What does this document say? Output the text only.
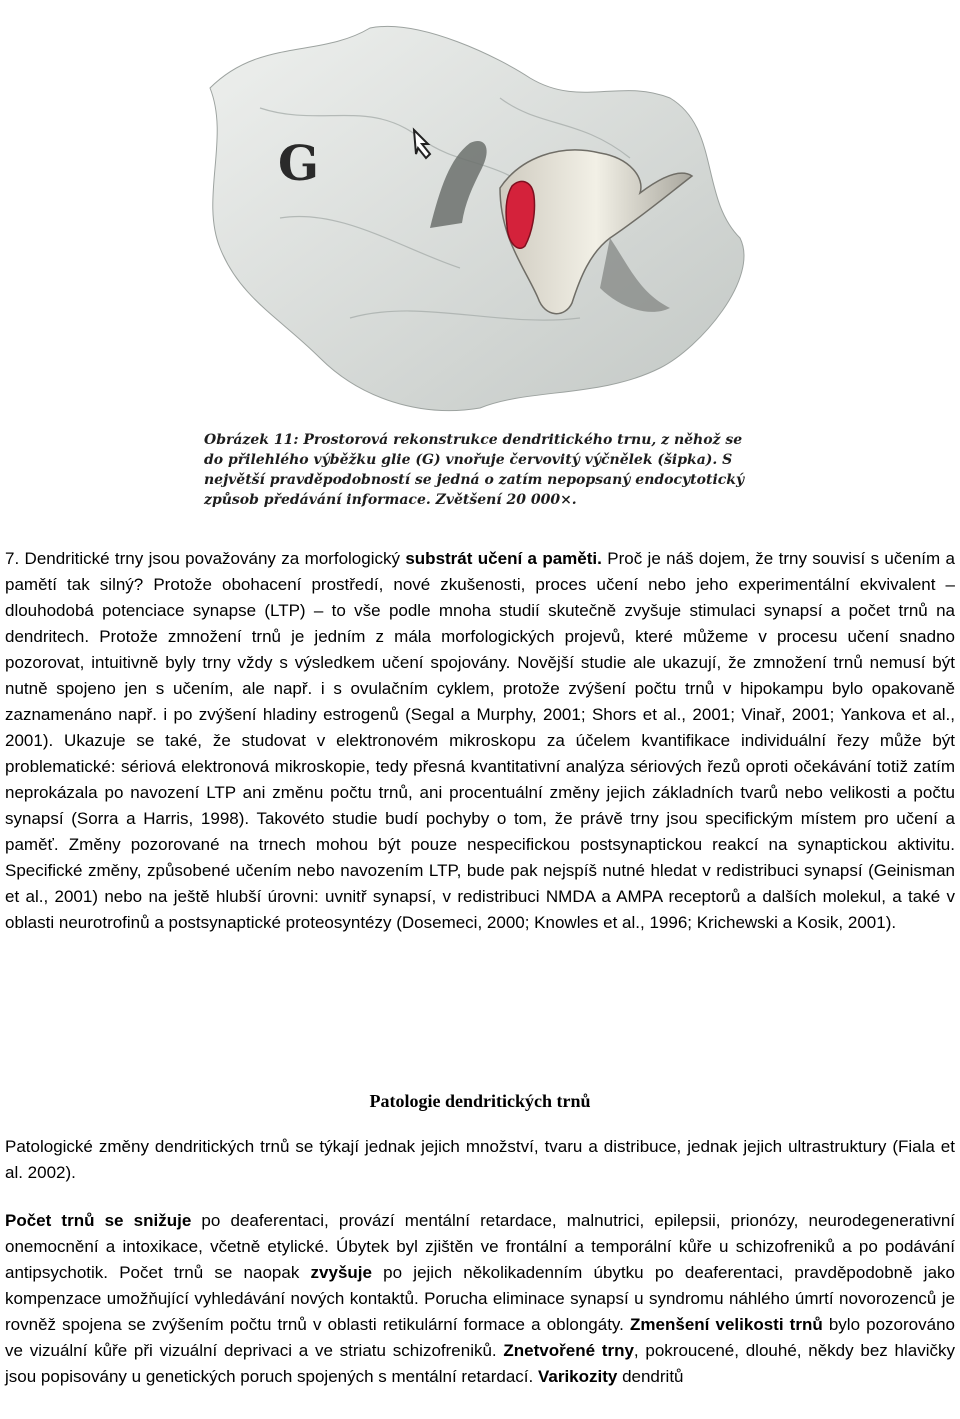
G

Obrázek 11: Prostorová rekonstrukce dendritického trnu, z něhož se do přilehlého výběžku glie (G) vnořuje červovitý výčnělek (šipka). S největší pravděpodobností se jedná o zatím nepopsaný endocytotický způsob předávání informace. Zvětšení 20 000×.

7. Dendritické trny jsou považovány za morfologický substrát učení a paměti. Proč je náš dojem, že trny souvisí s učením a pamětí tak silný? Protože obohacení prostředí, nové zkušenosti, proces učení nebo jeho experimentální ekvivalent – dlouhodobá potenciace synapse (LTP) – to vše podle mnoha studií skutečně zvyšuje stimulaci synapsí a počet trnů na dendritech. Protože zmnožení trnů je jedním z mála morfologických projevů, které můžeme v procesu učení snadno pozorovat, intuitivně byly trny vždy s výsledkem učení spojovány. Novější studie ale ukazují, že zmnožení trnů nemusí být nutně spojeno jen s učením, ale např. i s ovulačním cyklem, protože zvýšení počtu trnů v hipokampu bylo opakovaně zaznamenáno např. i po zvýšení hladiny estrogenů (Segal a Murphy, 2001; Shors et al., 2001; Vinař, 2001; Yankova et al., 2001). Ukazuje se také, že studovat v elektronovém mikroskopu za účelem kvantifikace individuální řezy může být problematické: sériová elektronová mikroskopie, tedy přesná kvantitativní analýza sériových řezů oproti očekávání totiž zatím neprokázala po navození LTP ani změnu počtu trnů, ani procentuální změny jejich základních tvarů nebo velikosti a počtu synapsí (Sorra a Harris, 1998). Takovéto studie budí pochyby o tom, že právě trny jsou specifickým místem pro učení a paměť. Změny pozorované na trnech mohou být pouze nespecifickou postsynaptickou reakcí na synaptickou aktivitu. Specifické změny, způsobené učením nebo navozením LTP, bude pak nejspíš nutné hledat v redistribuci synapsí (Geinisman et al., 2001) nebo na ještě hlubší úrovni: uvnitř synapsí, v redistribuci NMDA a AMPA receptorů a dalších molekul, a také v oblasti neurotrofinů a postsynaptické proteosyntézy (Dosemeci, 2000; Knowles et al., 1996; Krichewski a Kosik, 2001).

Patologie dendritických trnů

Patologické změny dendritických trnů se týkají jednak jejich množství, tvaru a distribuce, jednak jejich ultrastruktury (Fiala et al. 2002).

Počet trnů se snižuje po deaferentaci, provází mentální retardace, malnutrici, epilepsii, prionózy, neurodegenerativní onemocnění a intoxikace, včetně etylické. Úbytek byl zjištěn ve frontální a temporální kůře u schizofreniků a po podávání antipsychotik. Počet trnů se naopak zvyšuje po jejich několikadenním úbytku po deaferentaci, pravděpodobně jako kompenzace umožňující vyhledávání nových kontaktů. Porucha eliminace synapsí u syndromu náhlého úmrtí novorozenců je rovněž spojena se zvýšením počtu trnů v oblasti retikulární formace a oblongáty. Zmenšení velikosti trnů bylo pozorováno ve vizuální kůře při vizuální deprivaci a ve striatu schizofreniků. Znetvořené trny, pokroucené, dlouhé, někdy bez hlavičky jsou popisovány u genetických poruch spojených s mentální retardací. Varikozity dendritů
